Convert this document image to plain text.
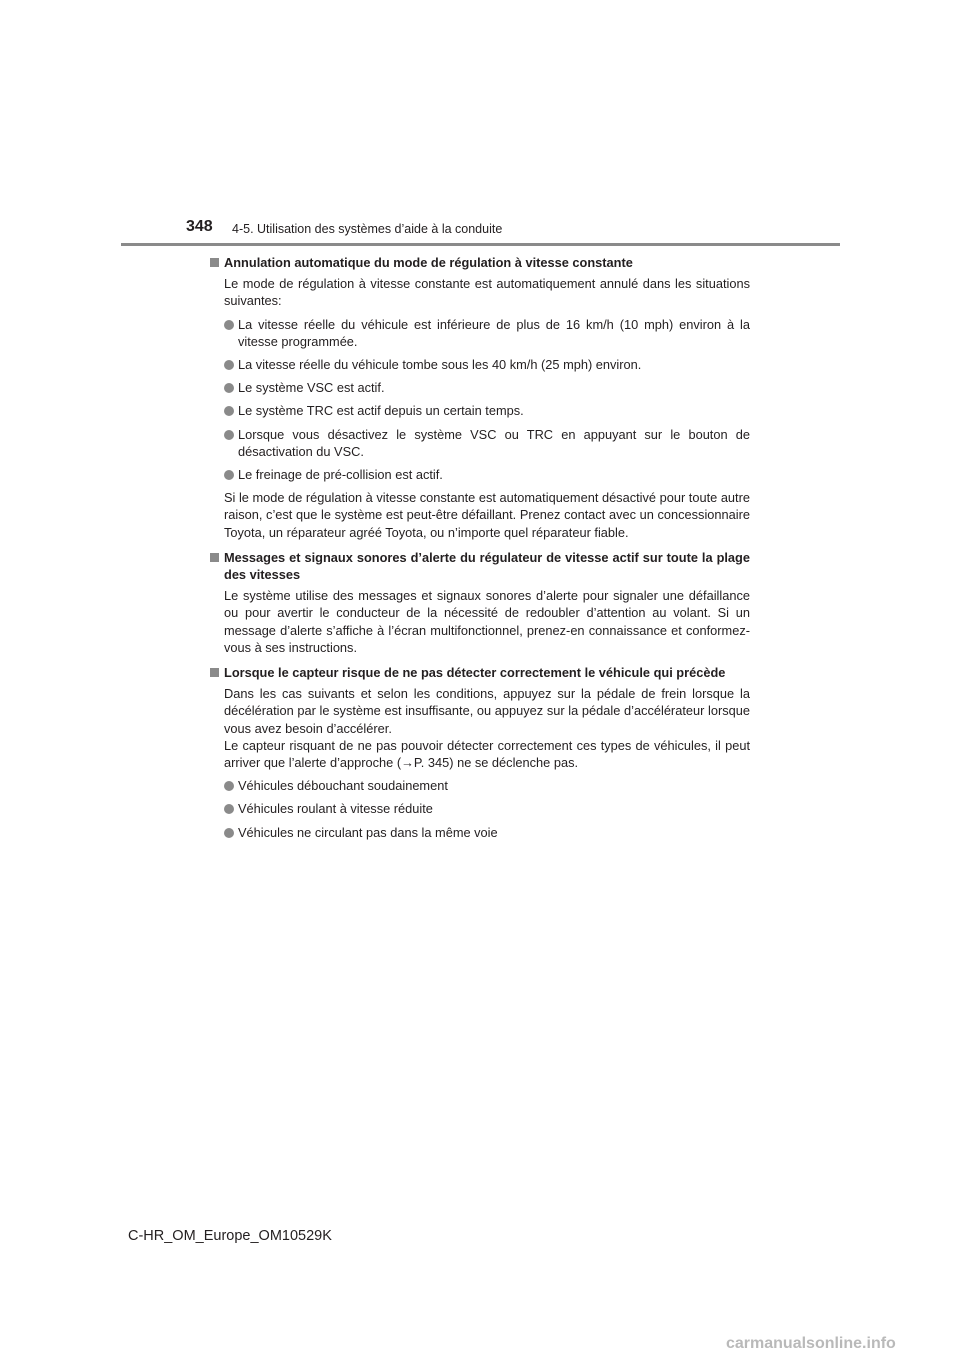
348 4-5. Utilisation des systèmes d’aide à la conduite
Annulation automatique du mode de régulation à vitesse constante
Le mode de régulation à vitesse constante est automatiquement annulé dans les situations suivantes:
La vitesse réelle du véhicule est inférieure de plus de 16 km/h (10 mph) environ à la vitesse programmée.
La vitesse réelle du véhicule tombe sous les 40 km/h (25 mph) environ.
Le système VSC est actif.
Le système TRC est actif depuis un certain temps.
Lorsque vous désactivez le système VSC ou TRC en appuyant sur le bouton de désactivation du VSC.
Le freinage de pré-collision est actif.
Si le mode de régulation à vitesse constante est automatiquement désactivé pour toute autre raison, c’est que le système est peut-être défaillant. Prenez contact avec un concessionnaire Toyota, un réparateur agréé Toyota, ou n’importe quel réparateur fiable.
Messages et signaux sonores d’alerte du régulateur de vitesse actif sur toute la plage des vitesses
Le système utilise des messages et signaux sonores d’alerte pour signaler une défaillance ou pour avertir le conducteur de la nécessité de redoubler d’attention au volant. Si un message d’alerte s’affiche à l’écran multifonctionnel, prenez-en connaissance et conformez-vous à ses instructions.
Lorsque le capteur risque de ne pas détecter correctement le véhicule qui précède
Dans les cas suivants et selon les conditions, appuyez sur la pédale de frein lorsque la décélération par le système est insuffisante, ou appuyez sur la pédale d’accélérateur lorsque vous avez besoin d’accélérer.
Le capteur risquant de ne pas pouvoir détecter correctement ces types de véhicules, il peut arriver que l’alerte d’approche (→P. 345) ne se déclenche pas.
Véhicules débouchant soudainement
Véhicules roulant à vitesse réduite
Véhicules ne circulant pas dans la même voie
C-HR_OM_Europe_OM10529K
carmanualsonline.info
